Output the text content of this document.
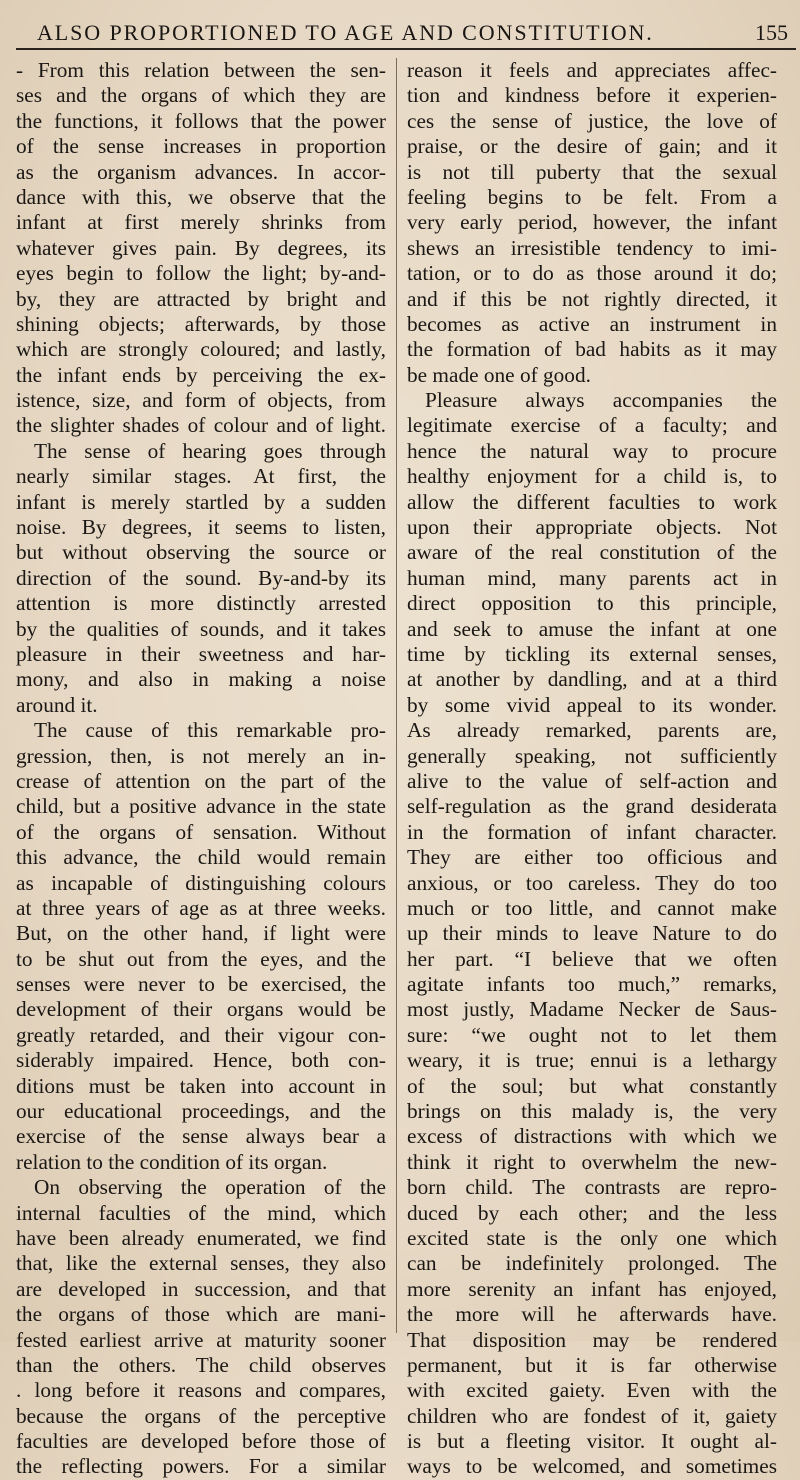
ALSO PROPORTIONED TO AGE AND CONSTITUTION.	155
- From this relation between the sen-
ses and the organs of which they are
the functions, it follows that the power
of the sense increases in proportion
as the organism advances. In accor-
dance with this, we observe that the
infant at first merely shrinks from
whatever gives pain. By degrees, its
eyes begin to follow the light; by-and-
by, they are attracted by bright and
shining objects; afterwards, by those
which are strongly coloured; and lastly,
the infant ends by perceiving the ex-
istence, size, and form of objects, from
the slighter shades of colour and of light.
The sense of hearing goes through
nearly similar stages. At first, the
infant is merely startled by a sudden
noise. By degrees, it seems to listen,
but without observing the source or
direction of the sound. By-and-by its
attention is more distinctly arrested
by the qualities of sounds, and it takes
pleasure in their sweetness and har-
mony, and also in making a noise
around it.
The cause of this remarkable pro-
gression, then, is not merely an in-
crease of attention on the part of the
child, but a positive advance in the state
of the organs of sensation. Without
this advance, the child would remain
as incapable of distinguishing colours
at three years of age as at three weeks.
But, on the other hand, if light were
to be shut out from the eyes, and the
senses were never to be exercised, the
development of their organs would be
greatly retarded, and their vigour con-
siderably impaired. Hence, both con-
ditions must be taken into account in
our educational proceedings, and the
exercise of the sense always bear a
relation to the condition of its organ.
On observing the operation of the
internal faculties of the mind, which
have been already enumerated, we find
that, like the external senses, they also
are developed in succession, and that
the organs of those which are mani-
fested earliest arrive at maturity sooner
than the others. The child observes
. long before it reasons and compares,
because the organs of the perceptive
faculties are developed before those of
the reflecting powers. For a similar
reason it feels and appreciates affec-
tion and kindness before it experien-
ces the sense of justice, the love of
praise, or the desire of gain; and it
is not till puberty that the sexual
feeling begins to be felt. From a
very early period, however, the infant
shews an irresistible tendency to imi-
tation, or to do as those around it do;
and if this be not rightly directed, it
becomes as active an instrument in
the formation of bad habits as it may
be made one of good.
Pleasure always accompanies the
legitimate exercise of a faculty; and
hence the natural way to procure
healthy enjoyment for a child is, to
allow the different faculties to work
upon their appropriate objects. Not
aware of the real constitution of the
human mind, many parents act in
direct opposition to this principle,
and seek to amuse the infant at one
time by tickling its external senses,
at another by dandling, and at a third
by some vivid appeal to its wonder.
As already remarked, parents are,
generally speaking, not sufficiently
alive to the value of self-action and
self-regulation as the grand desiderata
in the formation of infant character.
They are either too officious and
anxious, or too careless. They do too
much or too little, and cannot make
up their minds to leave Nature to do
her part. “I believe that we often
agitate infants too much,” remarks,
most justly, Madame Necker de Saus-
sure: “we ought not to let them
weary, it is true; ennui is a lethargy
of the soul; but what constantly
brings on this malady is, the very
excess of distractions with which we
think it right to overwhelm the new-
born child. The contrasts are repro-
duced by each other; and the less
excited state is the only one which
can be indefinitely prolonged. The
more serenity an infant has enjoyed,
the more will he afterwards have.
That disposition may be rendered
permanent, but it is far otherwise
with excited gaiety. Even with the
children who are fondest of it, gaiety
is but a fleeting visitor. It ought al-
ways to be welcomed, and sometimes
